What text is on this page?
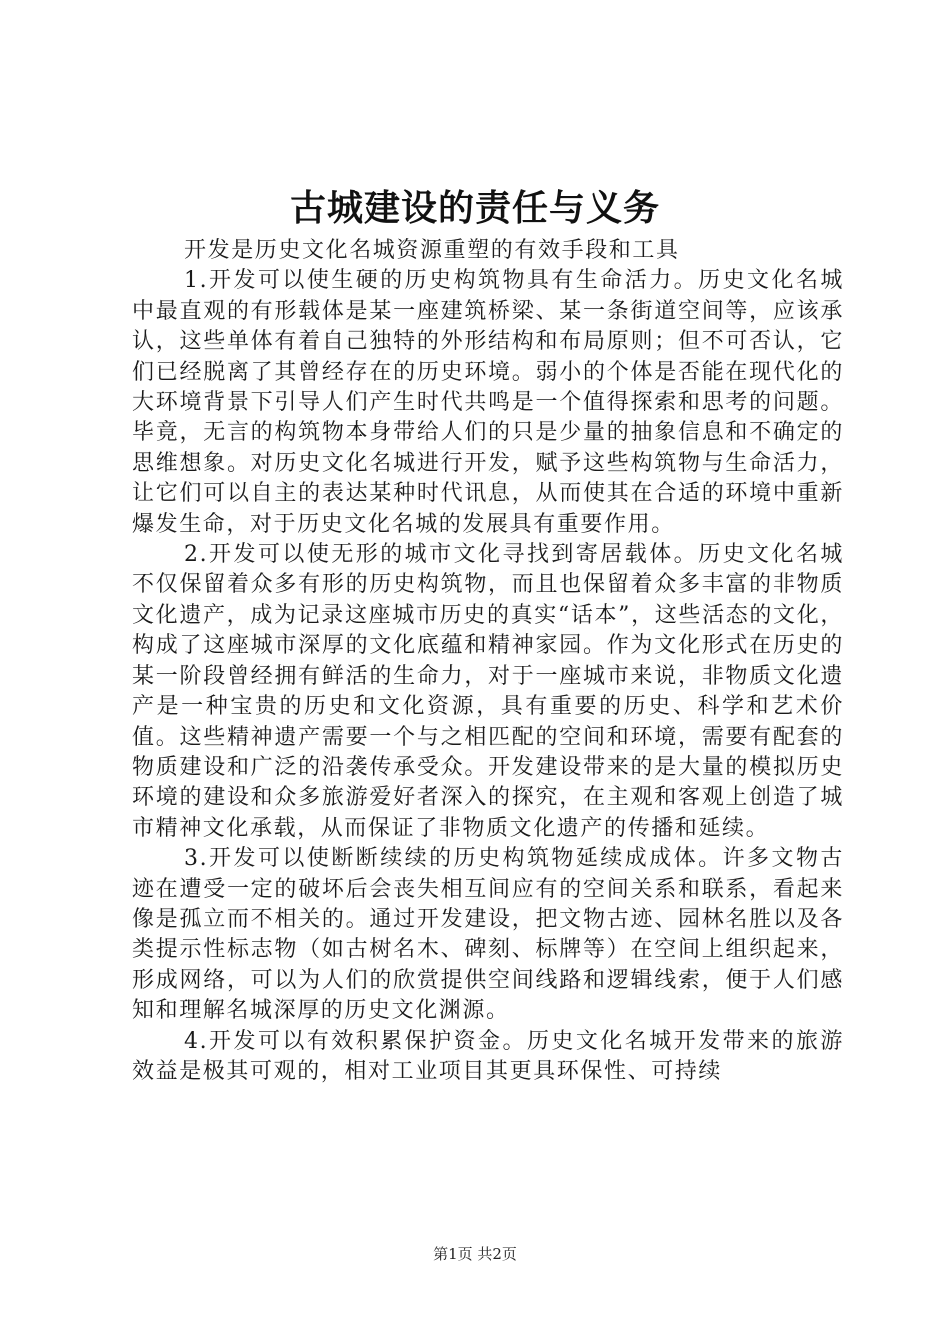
古城建设的责任与义务

开发是历史文化名城资源重塑的有效手段和工具

1.开发可以使生硬的历史构筑物具有生命活力。历史文化名城中最直观的有形载体是某一座建筑桥梁、某一条街道空间等，应该承认，这些单体有着自己独特的外形结构和布局原则；但不可否认，它们已经脱离了其曾经存在的历史环境。弱小的个体是否能在现代化的大环境背景下引导人们产生时代共鸣是一个值得探索和思考的问题。毕竟，无言的构筑物本身带给人们的只是少量的抽象信息和不确定的思维想象。对历史文化名城进行开发，赋予这些构筑物与生命活力，让它们可以自主的表达某种时代讯息，从而使其在合适的环境中重新爆发生命，对于历史文化名城的发展具有重要作用。

2.开发可以使无形的城市文化寻找到寄居载体。历史文化名城不仅保留着众多有形的历史构筑物，而且也保留着众多丰富的非物质文化遗产，成为记录这座城市历史的真实“话本”，这些活态的文化，构成了这座城市深厚的文化底蕴和精神家园。作为文化形式在历史的某一阶段曾经拥有鲜活的生命力，对于一座城市来说，非物质文化遗产是一种宝贵的历史和文化资源，具有重要的历史、科学和艺术价值。这些精神遗产需要一个与之相匹配的空间和环境，需要有配套的物质建设和广泛的沿袭传承受众。开发建设带来的是大量的模拟历史环境的建设和众多旅游爱好者深入的探究，在主观和客观上创造了城市精神文化承载，从而保证了非物质文化遗产的传播和延续。

3.开发可以使断断续续的历史构筑物延续成成体。许多文物古迹在遭受一定的破坏后会丧失相互间应有的空间关系和联系，看起来像是孤立而不相关的。通过开发建设，把文物古迹、园林名胜以及各类提示性标志物（如古树名木、碑刻、标牌等）在空间上组织起来，形成网络，可以为人们的欣赏提供空间线路和逻辑线索，便于人们感知和理解名城深厚的历史文化渊源。

4.开发可以有效积累保护资金。历史文化名城开发带来的旅游效益是极其可观的，相对工业项目其更具环保性、可持续

第1页 共2页
